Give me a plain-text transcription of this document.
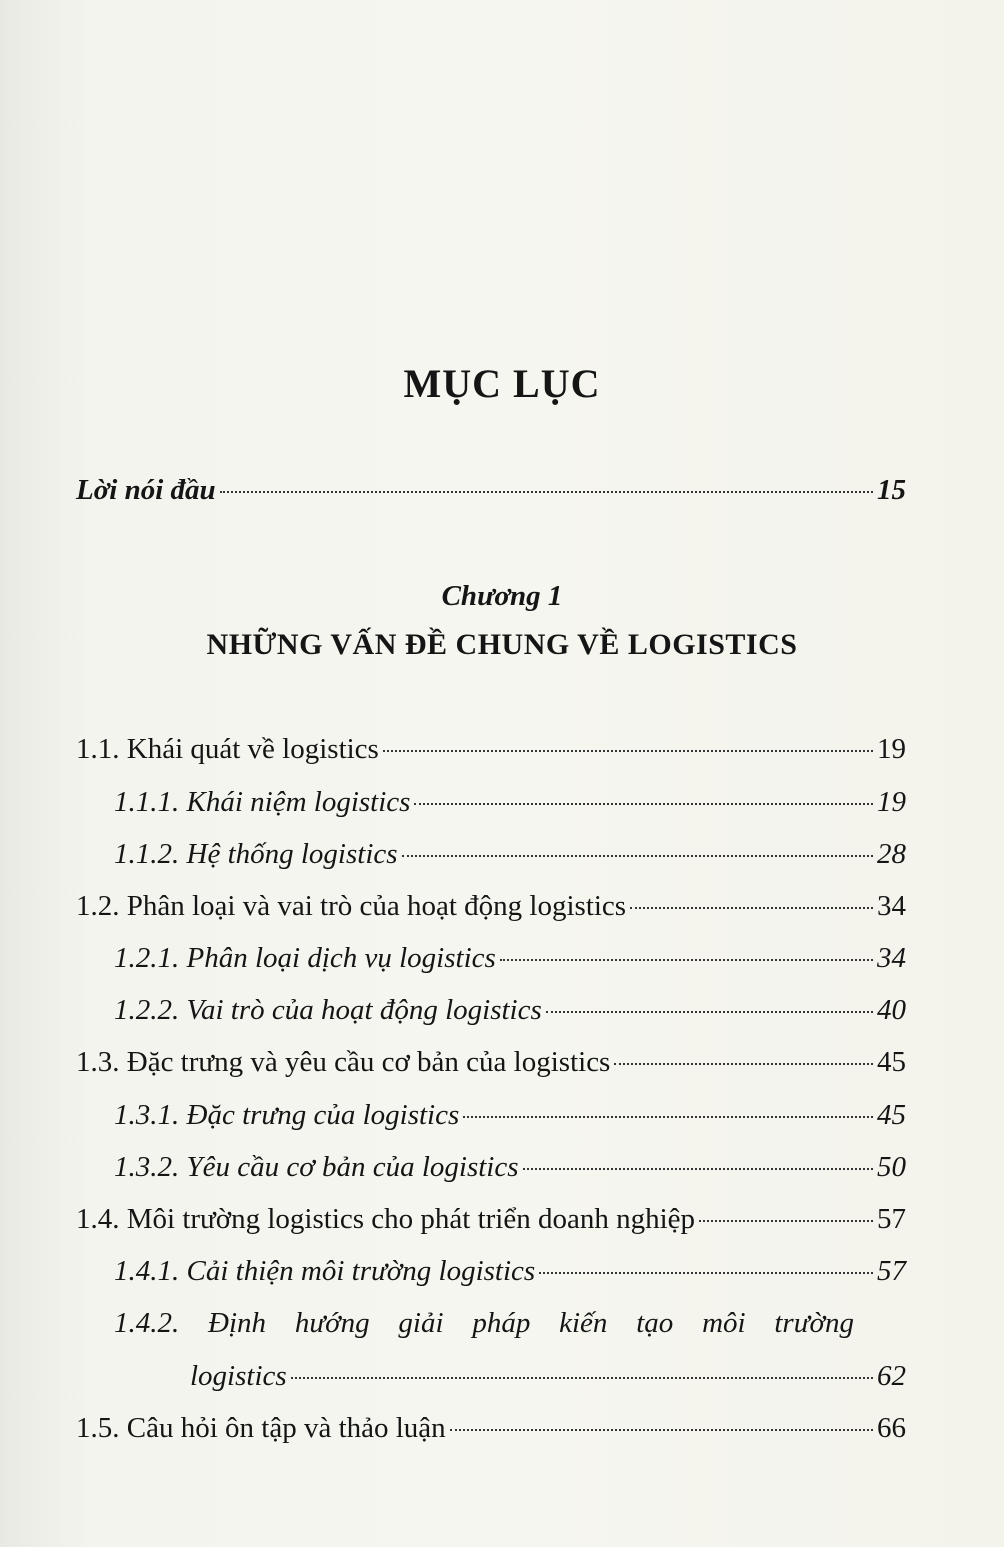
MỤC LỤC
Lời nói đầu	15
Chương 1
NHỮNG VẤN ĐỀ CHUNG VỀ LOGISTICS
1.1. Khái quát về logistics	19
1.1.1. Khái niệm logistics	19
1.1.2. Hệ thống logistics	28
1.2. Phân loại và vai trò của hoạt động logistics	34
1.2.1. Phân loại dịch vụ logistics	34
1.2.2. Vai trò của hoạt động logistics	40
1.3. Đặc trưng và yêu cầu cơ bản của logistics	45
1.3.1. Đặc trưng của logistics	45
1.3.2. Yêu cầu cơ bản của logistics	50
1.4. Môi trường logistics cho phát triển doanh nghiệp	57
1.4.1. Cải thiện môi trường logistics	57
1.4.2. Định hướng giải pháp kiến tạo môi trường
logistics	62
1.5. Câu hỏi ôn tập và thảo luận	66
